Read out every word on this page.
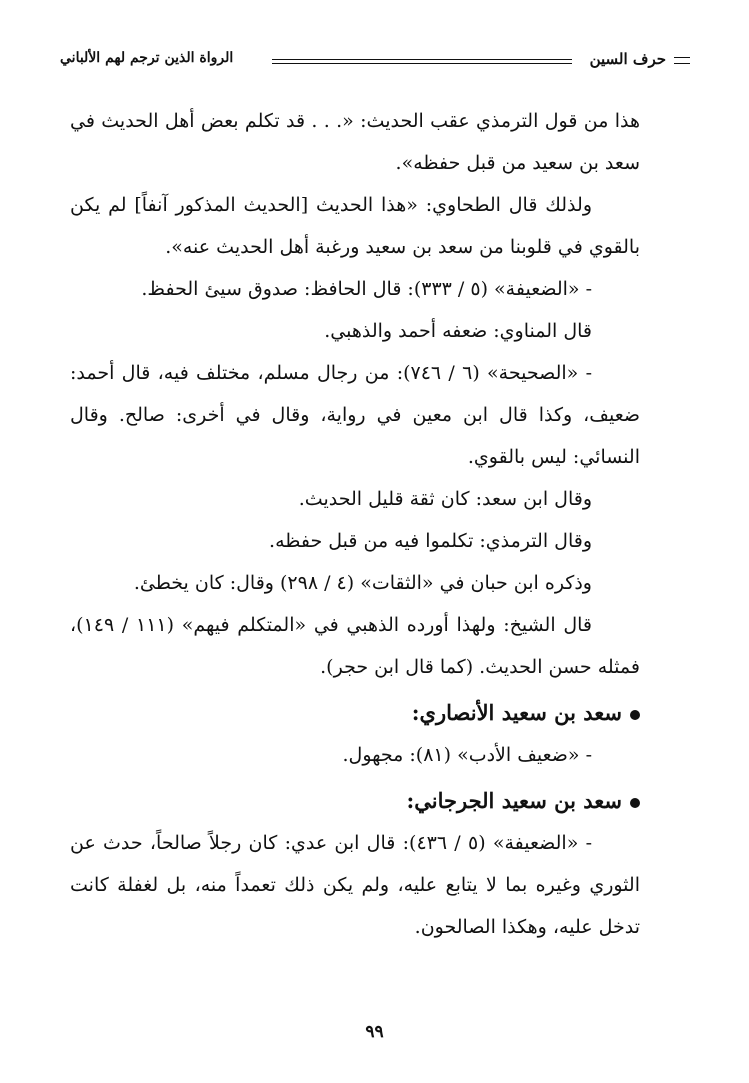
حرف السين
الرواة الذين ترجم لهم الألباني

هذا من قول الترمذي عقب الحديث: «. . . قد تكلم بعض أهل الحديث في سعد بن سعيد من قبل حفظه».

ولذلك قال الطحاوي: «هذا الحديث [الحديث المذكور آنفاً] لم يكن بالقوي في قلوبنا من سعد بن سعيد ورغبة أهل الحديث عنه».

- «الضعيفة» (٥ / ٣٣٣): قال الحافظ: صدوق سيئ الحفظ.

قال المناوي: ضعفه أحمد والذهبي.

- «الصحيحة» (٦ / ٧٤٦): من رجال مسلم، مختلف فيه، قال أحمد: ضعيف، وكذا قال ابن معين في رواية، وقال في أخرى: صالح. وقال النسائي: ليس بالقوي.

وقال ابن سعد: كان ثقة قليل الحديث.

وقال الترمذي: تكلموا فيه من قبل حفظه.

وذكره ابن حبان في «الثقات» (٤ / ٢٩٨) وقال: كان يخطئ.

قال الشيخ: ولهذا أورده الذهبي في «المتكلم فيهم» (١١١ / ١٤٩)، فمثله حسن الحديث. (كما قال ابن حجر).

سعد بن سعيد الأنصاري:

- «ضعيف الأدب» (٨١): مجهول.

سعد بن سعيد الجرجاني:

- «الضعيفة» (٥ / ٤٣٦): قال ابن عدي: كان رجلاً صالحاً، حدث عن الثوري وغيره بما لا يتابع عليه، ولم يكن ذلك تعمداً منه، بل لغفلة كانت تدخل عليه، وهكذا الصالحون.

٩٩
